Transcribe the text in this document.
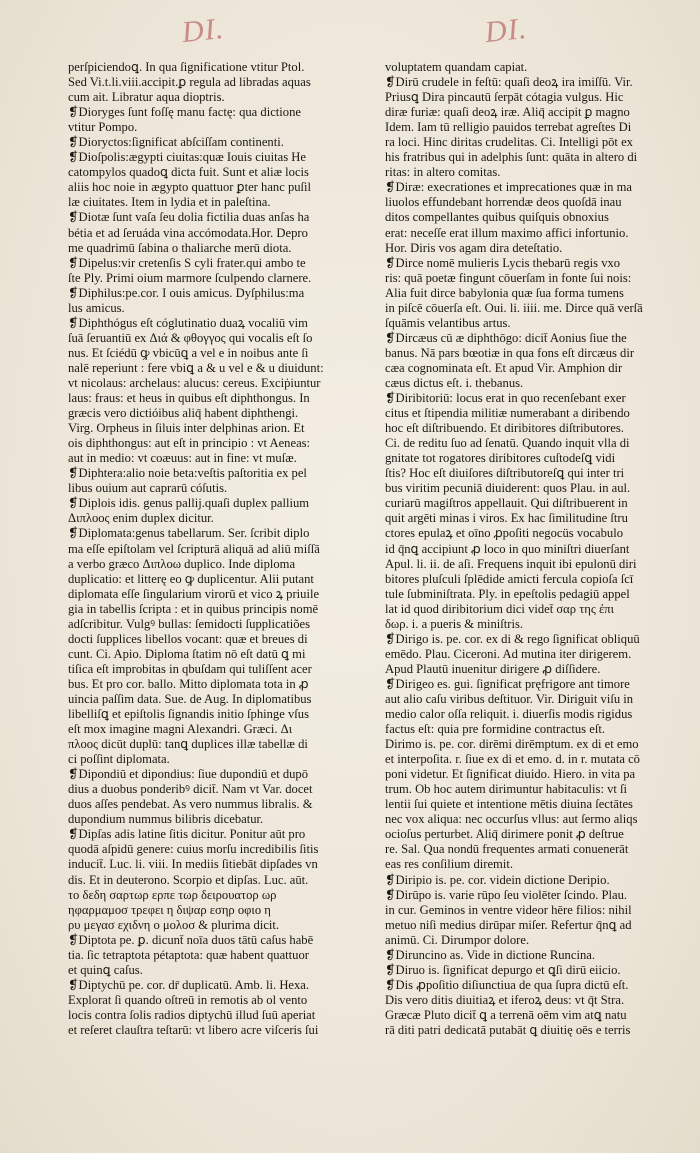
DI.	DI.
perſpiciendoꝗ. In qua ſignificatione vtitur Ptol.
Sed Vi.t.li.viii.accipit.ꝑ regula ad libradas aquas
cum ait. Libratur aqua dioptris.
❡Dioryges ſunt foſſę manu factę: qua dictione
vtitur Pompo.
❡Dioryctos:ſignificat abſciſſam continenti.
❡Dioſpolis:ægypti ciuitas:quæ Iouis ciuitas He
catompylos quadoꝗ dicta fuit. Sunt et aliæ locis
aliis hoc noie in ægypto quattuor ꝑter hanc puſil
læ ciuitates. Item in lydia et in paleſtina.
❡Diotæ ſunt vaſa ſeu dolia fictilia duas anſas ha
bétia et ad ſeruáda vina accómodata.Hor. Depro
me quadrimū ſabina o thaliarche merū diota.
❡Dipelus:vir cretenſis S cyli frater.qui ambo te
ſte Ply. Primi oium marmore ſculpendo clarnere.
❡Diphilus:pe.cor. I ouis amicus. Dyſphilus:ma
lus amicus.
❡Diphthógus eſt cóglutinatio duaꝝ vocaliū vim
ſuā ſeruantiū ex Διά & φθογγος qui vocalis eſt ſo
nus. Et ſciédū ꝙ vbicūꝗ a vel e in noibus ante ſi
nalē reperiunt : fere vbiꝗ a & u vel e & u diuidunt:
vt nicolaus: archelaus: alucus: cereus. Exciṗiuntur
laus: fraus: et heus in quibus eſt diphthongus. In
græcis vero dictióibus aliq̄ habent diphthengi.
Virg. Orpheus in ſiluis inter delphinas arion. Et
ois diphthongus: aut eſt in principio : vt Aeneas:
aut in medio: vt coæuus: aut in fine: vt muſæ.
❡Diphtera:alio noie beta:veſtis paſtoritia ex pel
libus ouium aut caprarū cóſutis.
❡Diplois idis. genus pallij.quaſi duplex pallium
Διπλοος enim duplex dicitur.
❡Diplomata:genus tabellarum. Ser. ſcribit diplo
ma eſſe epiſtolam vel ſcripturā aliquā ad aliū miſſā
a verbo græco Διπλοω duplico. Inde diploma
duplicatio: et litterę eo ꝙ duplicentur. Alii putant
diplomata eſſe ſingularium virorū et vico ꝝ priuile
gia in tabellis ſcripta : et in quibus principis nomē
adſcribitur. Vulgꝰ bullas: ſemidocti ſupplicatiões
docti ſupplices libellos vocant: quæ et breues di
cunt. Ci. Apio. Diploma ſtatim nō eſt datū ꝗ mi
tiſica eſt improbitas in qbuſdam qui tuliſſent acer
bus. Et pro cor. ballo. Mitto diplomata tota in ꝓ
uincia paſſim data. Sue. de Aug. In diplomatibus
libelliſꝗ et epiſtolis ſignandis initio ſphinge vſus
eſt mox imagine magni Alexandri. Græci. Δι
πλοος dicūt duplū: tanꝗ duplices illæ tabellæ di
ci poſſint diplomata.
❡Dipondiū et dipondius: ſiue dupondiū et dupō
dius a duobus ponderibꝰ dicit̄. Nam vt Var. docet
duos aſſes pendebat. As vero nummus libralis. &
dupondium nummus bilibris dicebatur.
❡Dipſas adis latine ſitis dicitur. Ponitur aūt pro
quodā aſpidū genere: cuius morſu incredibilis ſitis
inducit̄. Luc. li. viii. In mediis ſitiebāt dipſades vn
dis. Et in deuterono. Scorpio et dipſas. Luc. aūt.
το δεδη σαρτωρ ερπε τωρ δειρουατορ ωρ
ηφαρμαμοσ τρεφει η διψαρ εσηρ οφιο η
ρυ μεγασ εχιδνη ο μολοσ & plurima dicit.
❡Diptota pe. ꝑ. dicunt̄ noīa duos tātū caſus habē
tia. ſic tetraptota pétaptota: quæ habent quattuor
et quinꝗ caſus.
❡Diptychū pe. cor. dr̄ duplicatū. Amb. li. Hexa.
Explorat ſi quando oſtreū in remotis ab ol vento
locis contra ſolis radios diptychū illud ſuū aperiat
et reſeret clauſtra teſtarū: vt libero acre viſceris ſui
voluptatem quandam capiat.
❡Dirū crudele in feſtū: quaſi deoꝝ ira imiſſū. Vir.
Priusꝗ Dira pincautū ſerpāt cótagia vulgus. Hic
diræ furiæ: quaſi deoꝝ iræ. Aliq̄ accipit ꝑ magno
Idem. Iam tū relligio pauidos terrebat agreſtes Di
ra loci. Hinc diritas crudelitas. Ci. Intelligi pōt ex
his fratribus qui in adelphis ſunt: quāta in altero di
ritas: in altero comitas.
❡Diræ: execrationes et imprecationes quæ in ma
liuolos effundebant horrendæ deos quoſdā inau
ditos compellantes quibus quiſquis obnoxius
erat: neceſſe erat illum maximo affici infortunio.
Hor. Diris vos agam dira deteſtatio.
❡Dirce nomē mulieris Lycis thebarū regis vxo
ris: quā poetæ fingunt cōuerſam in fonte ſui nois:
Alia fuit dirce babylonia quæ ſua forma tumens
in piſcē cōuerſa eſt. Oui. li. iiii. me. Dirce quā verſā
ſquāmis velantibus artus.
❡Dircæus cū æ diphthōgo: dicit̄ Aonius ſiue the
banus. Nā pars bœotiæ in qua fons eſt dircæus dir
cæa cognominata eſt. Et apud Vir. Amphion dir
cæus dictus eſt. i. thebanus.
❡Diribitoriū: locus erat in quo recenſebant exer
citus et ſtipendia militiæ numerabant a diribendo
hoc eſt diſtribuendo. Et diribitores diſtributores.
Ci. de reditu ſuo ad ſenatū. Quando inquit vlla di
gnitate tot rogatores diribitores cuſtodeſꝗ vidi
ſtis? Hoc eſt diuiſores diſtributoreſꝗ qui inter tri
bus viritim pecuniā diuiderent: quos Plau. in aul.
curiarū magiſtros appellauit. Qui diſtribuerent in
quit argēti minas i viros. Ex hac ſimilitudine ſtru
ctores epulaꝝ et oīno ꝓpoſiti negocüs vocabulo
id q̄nꝗ accipiunt ꝓ loco in quo miniſtri diuerſant
Apul. li. ii. de aſi. Frequens inquit ibi epulonū diri
bitores pluſculi ſplēdide amicti fercula copioſa ſcī
tule ſubminiſtrata. Ply. in epeſtolis pedagiū appel
lat id quod diribitorium dici videt̄ σαρ της ἐπι
δωρ. i. a pueris & miniſtris.
❡Dirigo is. pe. cor. ex di & rego ſignificat obliquū
emēdo. Plau. Ciceroni. Ad mutina iter dirigerem.
Apud Plautū inuenitur dirigere ꝓ diſſidere.
❡Dirigeo es. gui. ſignificat pręfrigore ant timore
aut alio caſu viribus deſtituor. Vir. Diriguit viſu in
medio calor oſſa reliquit. i. diuerſis modis rigidus
factus eſt: quia pre formidine contractus eſt.
Dirimo is. pe. cor. dirēmi dirēmptum. ex di et emo
et interpoſita. r. ſiue ex di et emo. d. in r. mutata cō
poni videtur. Et ſignificat diuido. Hiero. in vita pa
trum. Ob hoc autem dirimuntur habitaculis: vt ſi
lentii ſui quiete et intentione mētis diuina ſectātes
nec vox aliqua: nec occurſus vllus: aut ſermo aliqs
ocioſus perturbet. Aliq̄ dirimere ponit ꝓ deſtrue
re. Sal. Qua nondū frequentes armati conuenerāt
eas res conſilium diremit.
❡Diripio is. pe. cor. videin dictione Deripio.
❡Dirūpo is. varie rūpo ſeu violēter ſcindo. Plau.
in cur. Geminos in ventre videor hēre filios: nihil
metuo niſi medius dirūpar miſer. Refertur q̄nꝗ ad
animū. Ci. Dirumpor dolore.
❡Diruncino as. Vide in dictione Runcina.
❡Diruo is. ſignificat depurgo et ꝗſi dirū eiicio.
❡Dis ꝓpoſitio diſiunctiua de qua ſupra dictū eſt.
Dis vero ditis diuitiaꝝ et iferoꝝ deus: vt q̄t Stra.
Græcæ Pluto dicit̄ ꝗ a terrenā oēm vim atꝗ natu
rā diti patri dedicatā putabāt ꝗ diuitię oēs e terris
